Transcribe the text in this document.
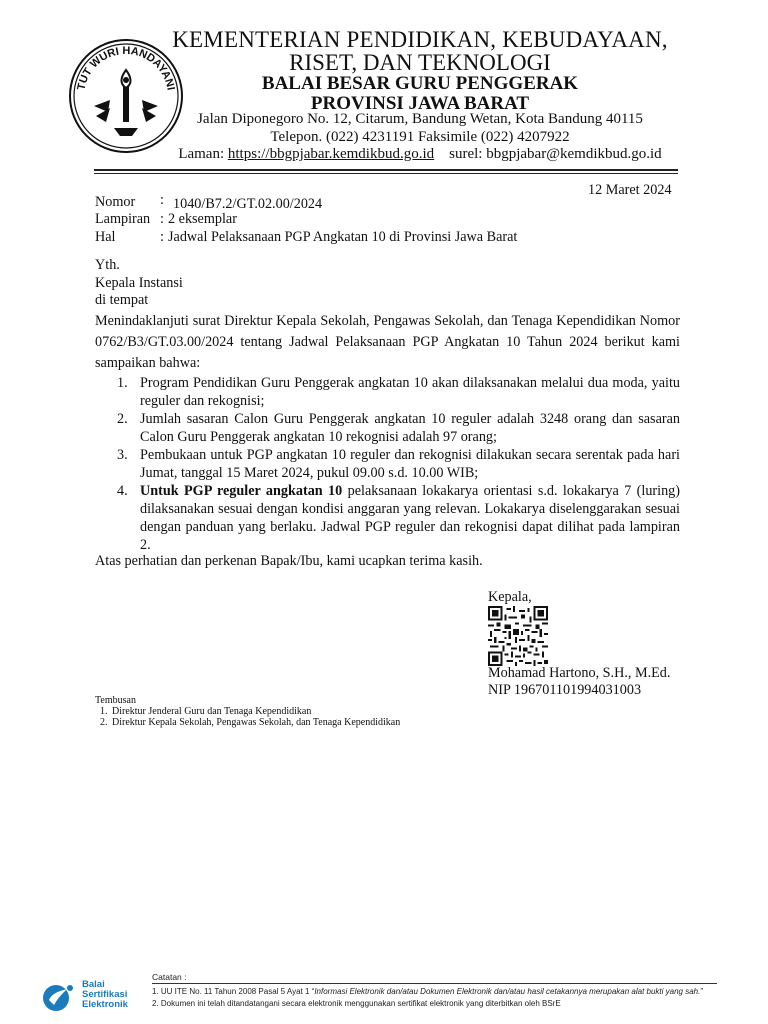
TUT WURI HANDAYANI
KEMENTERIAN PENDIDIKAN, KEBUDAYAAN,
RISET, DAN TEKNOLOGI
BALAI BESAR GURU PENGGERAK
PROVINSI JAWA BARAT
Jalan Diponegoro No. 12, Citarum, Bandung Wetan, Kota Bandung 40115
Telepon. (022) 4231191 Faksimile (022) 4207922
Laman: https://bbgpjabar.kemdikbud.go.id surel: bbgpjabar@kemdikbud.go.id
12 Maret 2024
Nomor : 1040/B7.2/GT.02.00/2024
Lampiran : 2 eksemplar
Hal	: Jadwal Pelaksanaan PGP Angkatan 10 di Provinsi Jawa Barat
Yth.
Kepala Instansi
di tempat
Menindaklanjuti surat Direktur Kepala Sekolah, Pengawas Sekolah, dan Tenaga Kependidikan Nomor 0762/B3/GT.03.00/2024 tentang Jadwal Pelaksanaan PGP Angkatan 10 Tahun 2024 berikut kami sampaikan bahwa:
1. Program Pendidikan Guru Penggerak angkatan 10 akan dilaksanakan melalui dua moda, yaitu reguler dan rekognisi;
2. Jumlah sasaran Calon Guru Penggerak angkatan 10 reguler adalah 3248 orang dan sasaran Calon Guru Penggerak angkatan 10 rekognisi adalah 97 orang;
3. Pembukaan untuk PGP angkatan 10 reguler dan rekognisi dilakukan secara serentak pada hari Jumat, tanggal 15 Maret 2024, pukul 09.00 s.d. 10.00 WIB;
4. Untuk PGP reguler angkatan 10 pelaksanaan lokakarya orientasi s.d. lokakarya 7 (luring) dilaksanakan sesuai dengan kondisi anggaran yang relevan. Lokakarya diselenggarakan sesuai dengan panduan yang berlaku. Jadwal PGP reguler dan rekognisi dapat dilihat pada lampiran 2.
Atas perhatian dan perkenan Bapak/Ibu, kami ucapkan terima kasih.
Kepala,
Mohamad Hartono, S.H., M.Ed.
NIP 196701101994031003
Tembusan
1. Direktur Jenderal Guru dan Tenaga Kependidikan
2. Direktur Kepala Sekolah, Pengawas Sekolah, dan Tenaga Kependidikan
Balai
Sertifikasi
Elektronik
Catatan :
1. UU ITE No. 11 Tahun 2008 Pasal 5 Ayat 1 “Informasi Elektronik dan/atau Dokumen Elektronik dan/atau hasil cetakannya merupakan alat bukti yang sah.”
2. Dokumen ini telah ditandatangani secara elektronik menggunakan sertifikat elektronik yang diterbitkan oleh BSrE
